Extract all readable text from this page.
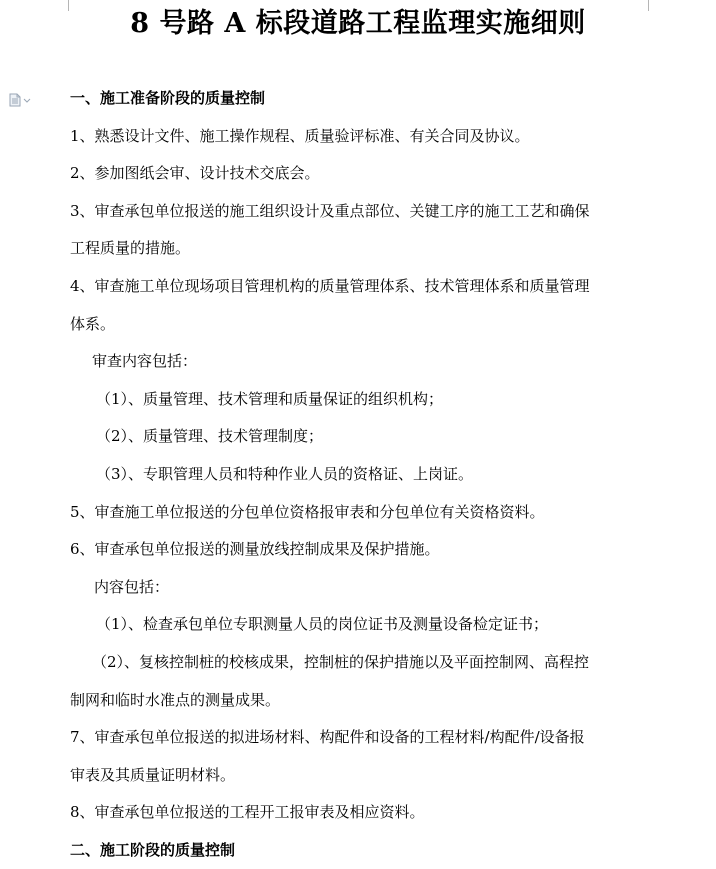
8 号路 A 标段道路工程监理实施细则

一、施工准备阶段的质量控制

1、熟悉设计文件、施工操作规程、质量验评标准、有关合同及协议。

2、参加图纸会审、设计技术交底会。

3、审查承包单位报送的施工组织设计及重点部位、关键工序的施工工艺和确保

工程质量的措施。

4、审查施工单位现场项目管理机构的质量管理体系、技术管理体系和质量管理

体系。

审查内容包括：

（1）、质量管理、技术管理和质量保证的组织机构；

（2）、质量管理、技术管理制度；

（3）、专职管理人员和特种作业人员的资格证、上岗证。

5、审查施工单位报送的分包单位资格报审表和分包单位有关资格资料。

6、审查承包单位报送的测量放线控制成果及保护措施。

内容包括：

（1）、检查承包单位专职测量人员的岗位证书及测量设备检定证书；

（2）、复核控制桩的校核成果，控制桩的保护措施以及平面控制网、高程控

制网和临时水准点的测量成果。

7、审查承包单位报送的拟进场材料、构配件和设备的工程材料/构配件/设备报

审表及其质量证明材料。

8、审查承包单位报送的工程开工报审表及相应资料。

二、施工阶段的质量控制
